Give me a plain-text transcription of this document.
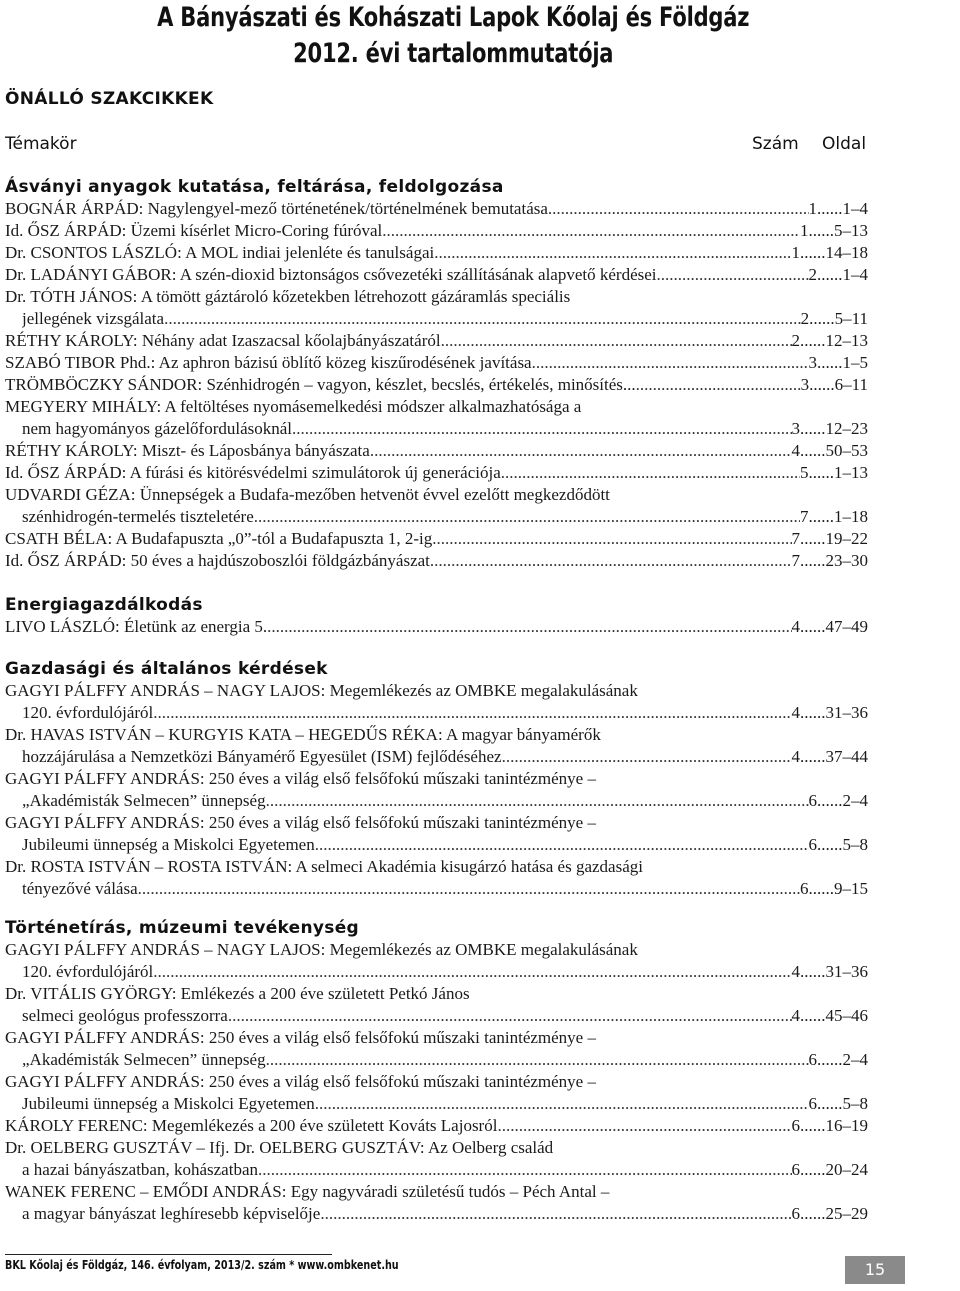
A Bányászati és Kohászati Lapok Kőolaj és Földgáz
2012. évi tartalommutatója
ÖNÁLLÓ SZAKCIKKEK
Témakör	Szám Oldal
Ásványi anyagok kutatása, feltárása, feldolgozása
Energiagazdálkodás
Gazdasági és általános kérdések
Történetírás, múzeumi tevékenység
BOGNÁR ÁRPÁD: Nagylengyel-mező történetének/történelmének bemutatása .....	1 ...... 1–4
Id. ŐSZ ÁRPÁD: Üzemi kísérlet Micro-Coring fúróval .....	1 ...... 5–13
Dr. CSONTOS LÁSZLÓ: A MOL indiai jelenléte és tanulságai .....	1 ...... 14–18
Dr. LADÁNYI GÁBOR: A szén-dioxid biztonságos csővezetéki szállításának alapvető kérdései .....	2 ...... 1–4
Dr. TÓTH JÁNOS: A tömött gáztároló kőzetekben létrehozott gázáramlás speciális
jellegének vizsgálata .....	2 ...... 5–11
RÉTHY KÁROLY: Néhány adat Izaszacsal kőolajbányászatáról .....	2 ...... 12–13
SZABÓ TIBOR Phd.: Az aphron bázisú öblítő közeg kiszűrodésének javítása .....	3 ...... 1–5
TRÖMBÖCZKY SÁNDOR: Szénhidrogén – vagyon, készlet, becslés, értékelés, minősítés... .....	3 ...... 6–11
MEGYERY MIHÁLY: A feltöltéses nyomásemelkedési módszer alkalmazhatósága a
nem hagyományos gázelőfordulásoknál .....	3 ...... 12–23
RÉTHY KÁROLY: Miszt- és Láposbánya bányászata .....	4 ...... 50–53
Id. ŐSZ ÁRPÁD: A fúrási és kitörésvédelmi szimulátorok új generációja .....	5 ...... 1–13
UDVARDI GÉZA: Ünnepségek a Budafa-mezőben hetvenöt évvel ezelőtt megkezdődött
szénhidrogén-termelés tiszteletére .....	7 ...... 1–18
CSATH BÉLA: A Budafapuszta „0”-tól a Budafapuszta 1, 2-ig .....	7 ...... 19–22
Id. ŐSZ ÁRPÁD: 50 éves a hajdúszoboszlói földgázbányászat .....	7 ...... 23–30
LIVO LÁSZLÓ: Életünk az energia 5. .....	4 ...... 47–49
GAGYI PÁLFFY ANDRÁS – NAGY LAJOS: Megemlékezés az OMBKE megalakulásának
120. évfordulójáról .....	4 ...... 31–36
Dr. HAVAS ISTVÁN – KURGYIS KATA – HEGEDŰS RÉKA: A magyar bányamérők
hozzájárulása a Nemzetközi Bányamérő Egyesület (ISM) fejlődéséhez .....	4 ...... 37–44
GAGYI PÁLFFY ANDRÁS: 250 éves a világ első felsőfokú műszaki tanintézménye –
„Akadémisták Selmecen” ünnepség .....	6 ...... 2–4
GAGYI PÁLFFY ANDRÁS: 250 éves a világ első felsőfokú műszaki tanintézménye –
Jubileumi ünnepség a Miskolci Egyetemen .....	6 ...... 5–8
Dr. ROSTA ISTVÁN – ROSTA ISTVÁN: A selmeci Akadémia kisugárzó hatása és gazdasági
tényezővé válása .....	6 ...... 9–15
GAGYI PÁLFFY ANDRÁS – NAGY LAJOS: Megemlékezés az OMBKE megalakulásának
120. évfordulójáról .....	4 ...... 31–36
Dr. VITÁLIS GYÖRGY: Emlékezés a 200 éve született Petkó János
selmeci geológus professzorra .....	4 ...... 45–46
GAGYI PÁLFFY ANDRÁS: 250 éves a világ első felsőfokú műszaki tanintézménye –
„Akadémisták Selmecen” ünnepség .....	6 ...... 2–4
GAGYI PÁLFFY ANDRÁS: 250 éves a világ első felsőfokú műszaki tanintézménye –
Jubileumi ünnepség a Miskolci Egyetemen .....	6 ...... 5–8
KÁROLY FERENC: Megemlékezés a 200 éve született Kováts Lajosról .....	6 ...... 16–19
Dr. OELBERG GUSZTÁV – Ifj. Dr. OELBERG GUSZTÁV: Az Oelberg család
a hazai bányászatban, kohászatban .....	6 ...... 20–24
WANEK FERENC – EMŐDI ANDRÁS: Egy nagyváradi születésű tudós – Péch Antal –
a magyar bányászat leghíresebb képviselője .....	6 ...... 25–29
BKL Kőolaj és Földgáz, 146. évfolyam, 2013/2. szám * www.ombkenet.hu	15
